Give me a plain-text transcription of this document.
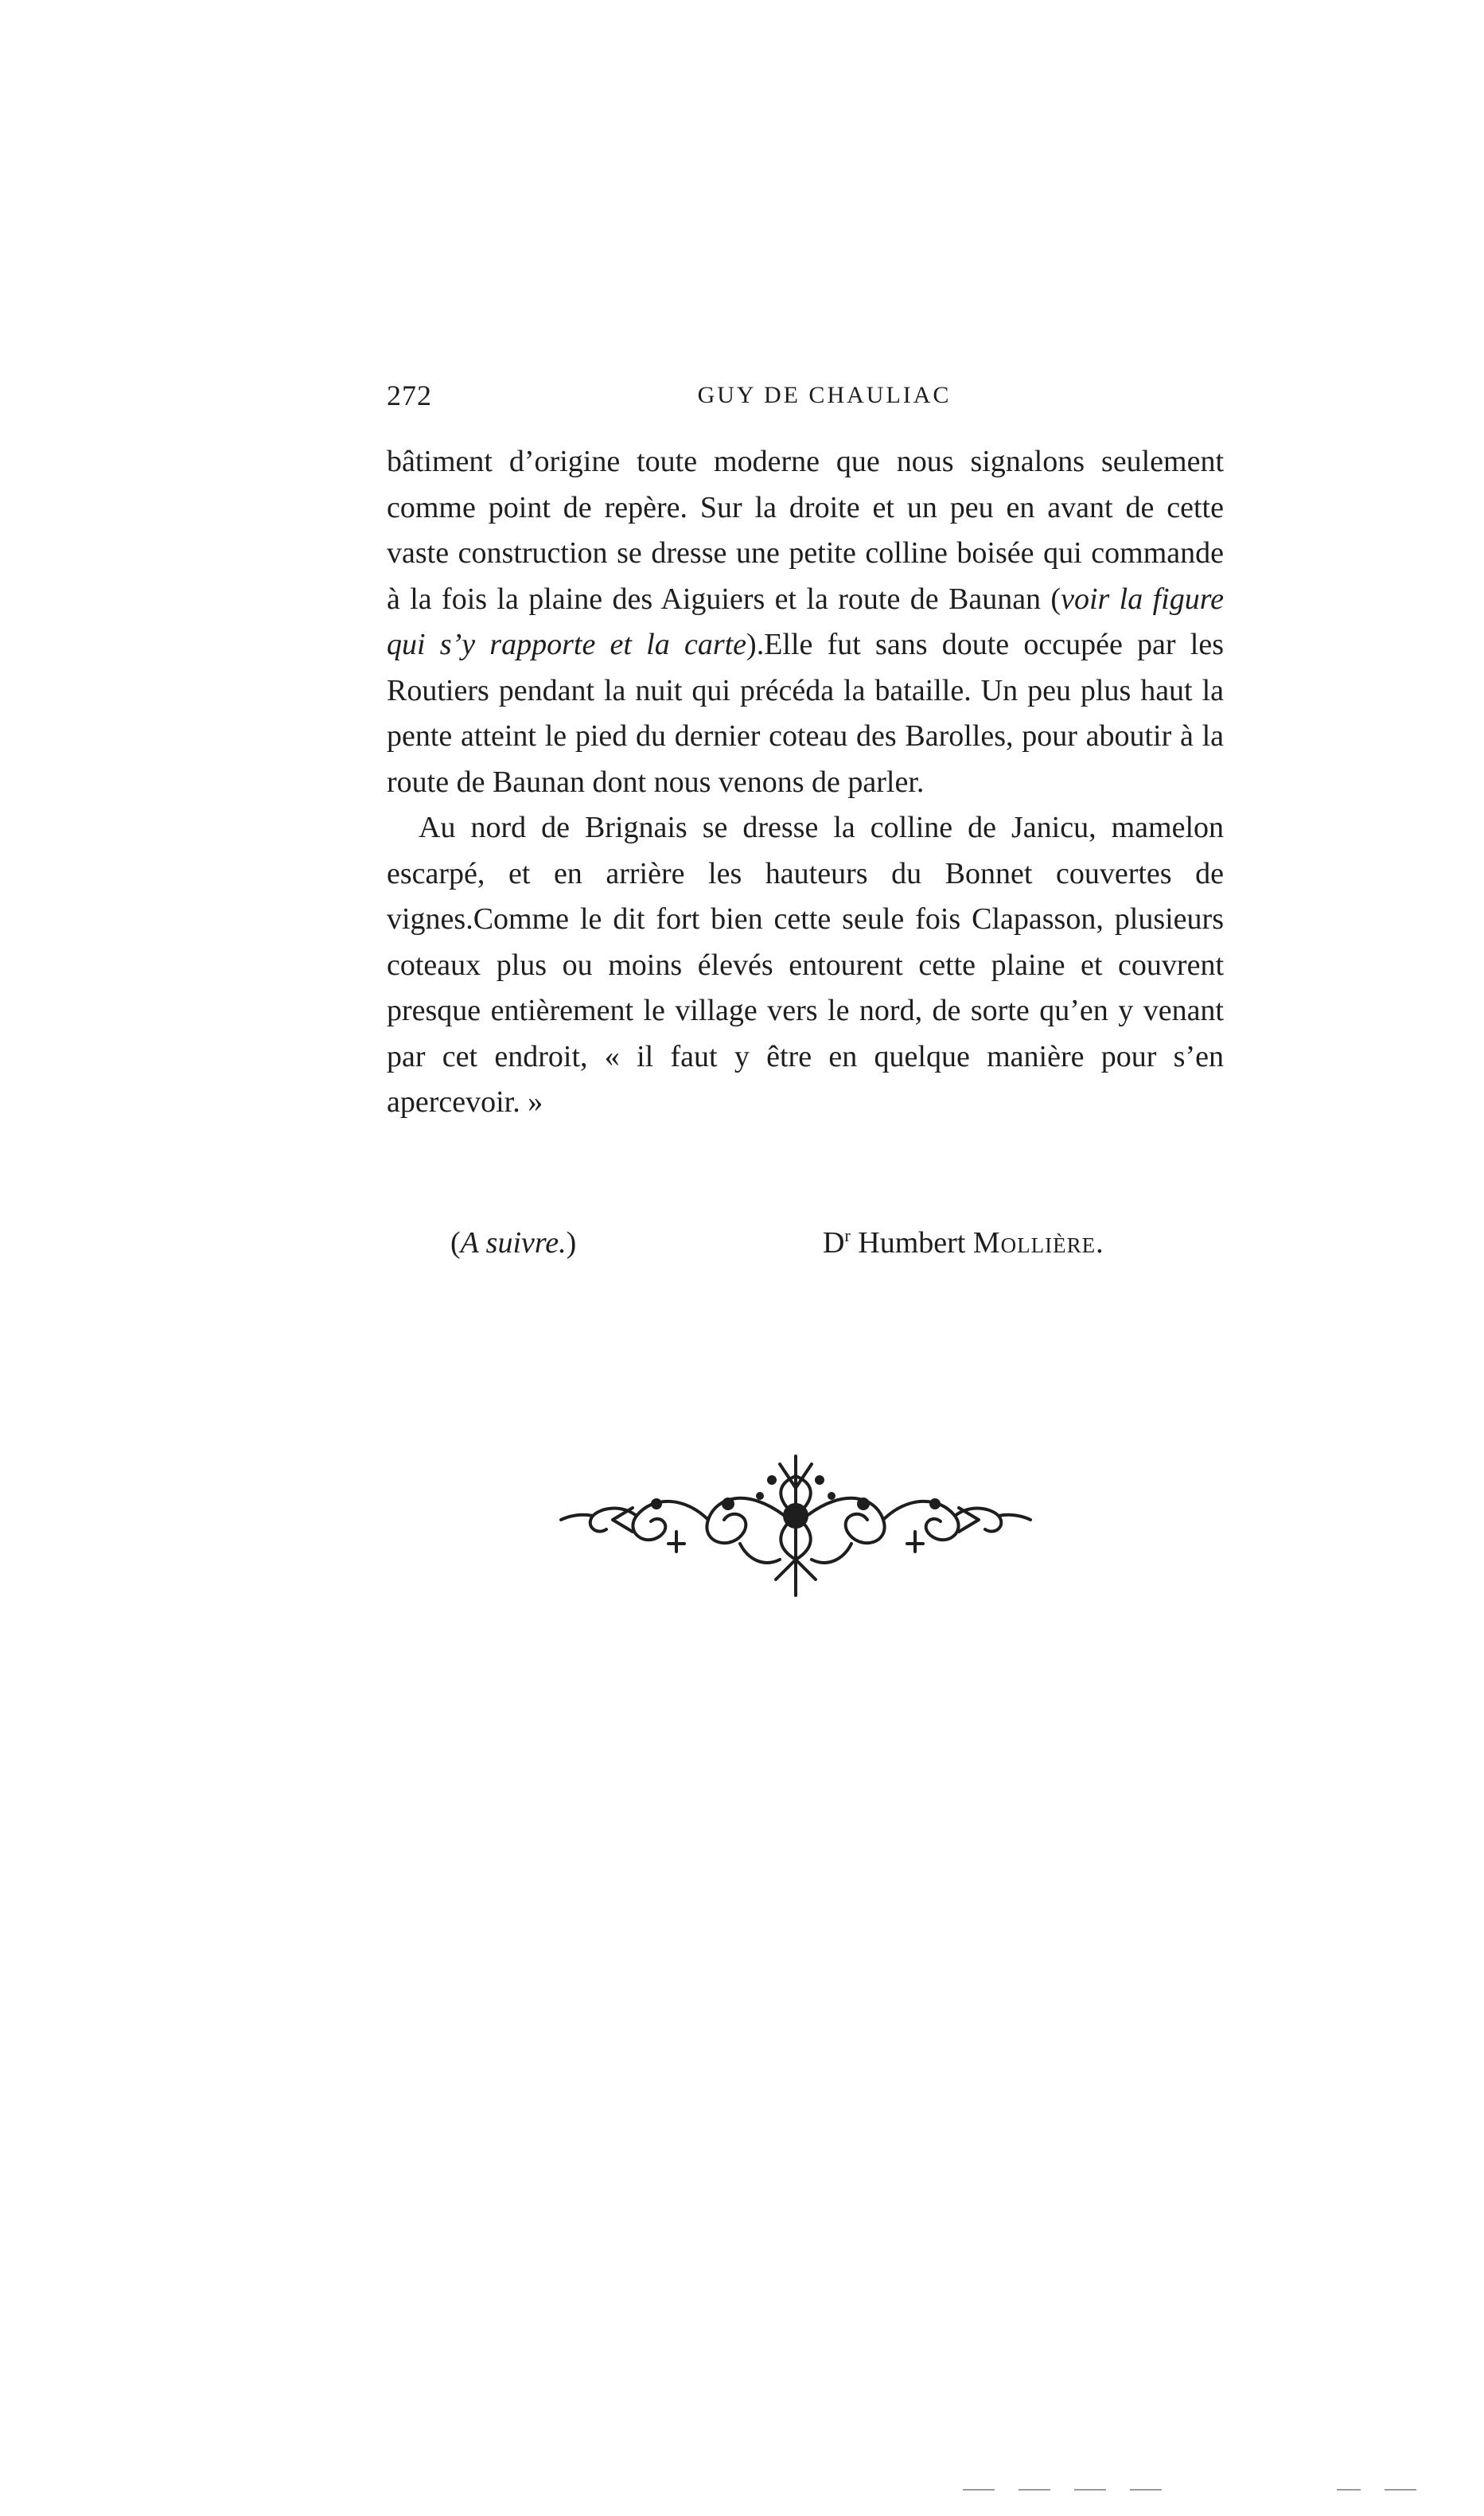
272	GUY DE CHAULIAC

bâtiment d’origine toute moderne que nous signalons seulement comme point de repère. Sur la droite et un peu en avant de cette vaste construction se dresse une petite colline boisée qui commande à la fois la plaine des Aiguiers et la route de Baunan (voir la figure qui s’y rapporte et la carte).Elle fut sans doute occupée par les Routiers pendant la nuit qui précéda la bataille. Un peu plus haut la pente atteint le pied du dernier coteau des Barolles, pour aboutir à la route de Baunan dont nous venons de parler.

Au nord de Brignais se dresse la colline de Janicu, mamelon escarpé, et en arrière les hauteurs du Bonnet couvertes de vignes.Comme le dit fort bien cette seule fois Clapasson, plusieurs coteaux plus ou moins élevés entourent cette plaine et couvrent presque entièrement le village vers le nord, de sorte qu’en y venant par cet endroit, « il faut y être en quelque manière pour s’en apercevoir. »

(A suivre.)	$D^r$ Humbert Mollière.
